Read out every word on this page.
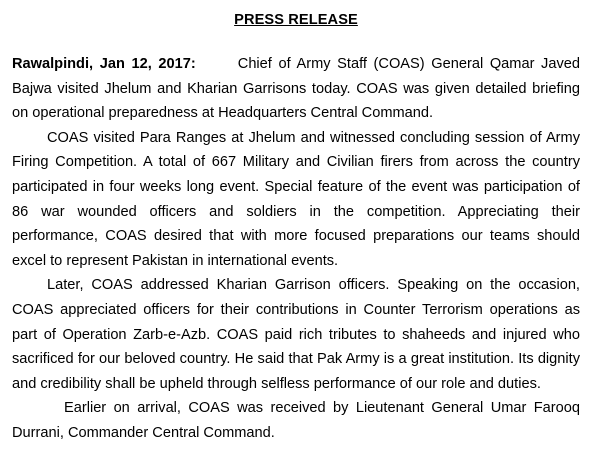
PRESS RELEASE

Rawalpindi, Jan 12, 2017:	Chief of Army Staff (COAS) General Qamar Javed Bajwa visited Jhelum and Kharian Garrisons today. COAS was given detailed briefing on operational preparedness at Headquarters Central Command.

COAS visited Para Ranges at Jhelum and witnessed concluding session of Army Firing Competition. A total of 667 Military and Civilian firers from across the country participated in four weeks long event. Special feature of the event was participation of 86 war wounded officers and soldiers in the competition. Appreciating their performance, COAS desired that with more focused preparations our teams should excel to represent Pakistan in international events.

Later, COAS addressed Kharian Garrison officers. Speaking on the occasion, COAS appreciated officers for their contributions in Counter Terrorism operations as part of Operation Zarb-e-Azb. COAS paid rich tributes to shaheeds and injured who sacrificed for our beloved country. He said that Pak Army is a great institution. Its dignity and credibility shall be upheld through selfless performance of our role and duties.

Earlier on arrival, COAS was received by Lieutenant General Umar Farooq Durrani, Commander Central Command.
